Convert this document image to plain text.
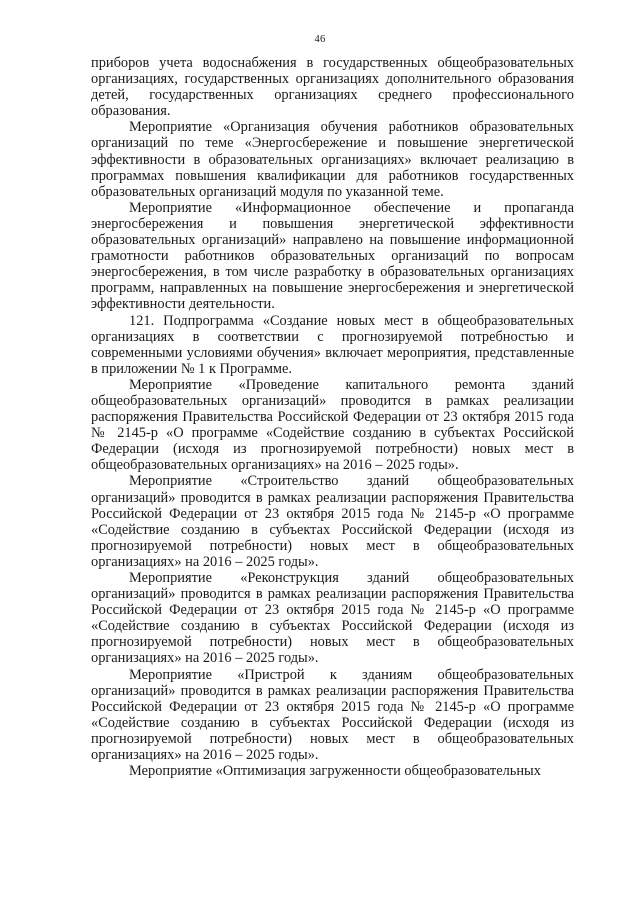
46

приборов учета водоснабжения в государственных общеобразовательных организациях, государственных организациях дополнительного образования детей, государственных организациях среднего профессионального образования.

Мероприятие «Организация обучения работников образовательных организаций по теме «Энергосбережение и повышение энергетической эффективности в образовательных организациях» включает реализацию в программах повышения квалификации для работников государственных образовательных организаций модуля по указанной теме.

Мероприятие «Информационное обеспечение и пропаганда энергосбережения и повышения энергетической эффективности образовательных организаций» направлено на повышение информационной грамотности работников образовательных организаций по вопросам энергосбережения, в том числе разработку в образовательных организациях программ, направленных на повышение энергосбережения и энергетической эффективности деятельности.

121. Подпрограмма «Создание новых мест в общеобразовательных организациях в соответствии с прогнозируемой потребностью и современными условиями обучения» включает мероприятия, представленные в приложении № 1 к Программе.

Мероприятие «Проведение капитального ремонта зданий общеобразовательных организаций» проводится в рамках реализации распоряжения Правительства Российской Федерации от 23 октября 2015 года № 2145-р «О программе «Содействие созданию в субъектах Российской Федерации (исходя из прогнозируемой потребности) новых мест в общеобразовательных организациях» на 2016 – 2025 годы».

Мероприятие «Строительство зданий общеобразовательных организаций» проводится в рамках реализации распоряжения Правительства Российской Федерации от 23 октября 2015 года № 2145-р «О программе «Содействие созданию в субъектах Российской Федерации (исходя из прогнозируемой потребности) новых мест в общеобразовательных организациях» на 2016 – 2025 годы».

Мероприятие «Реконструкция зданий общеобразовательных организаций» проводится в рамках реализации распоряжения Правительства Российской Федерации от 23 октября 2015 года № 2145-р «О программе «Содействие созданию в субъектах Российской Федерации (исходя из прогнозируемой потребности) новых мест в общеобразовательных организациях» на 2016 – 2025 годы».

Мероприятие «Пристрой к зданиям общеобразовательных организаций» проводится в рамках реализации распоряжения Правительства Российской Федерации от 23 октября 2015 года № 2145-р «О программе «Содействие созданию в субъектах Российской Федерации (исходя из прогнозируемой потребности) новых мест в общеобразовательных организациях» на 2016 – 2025 годы».

Мероприятие «Оптимизация загруженности общеобразовательных
